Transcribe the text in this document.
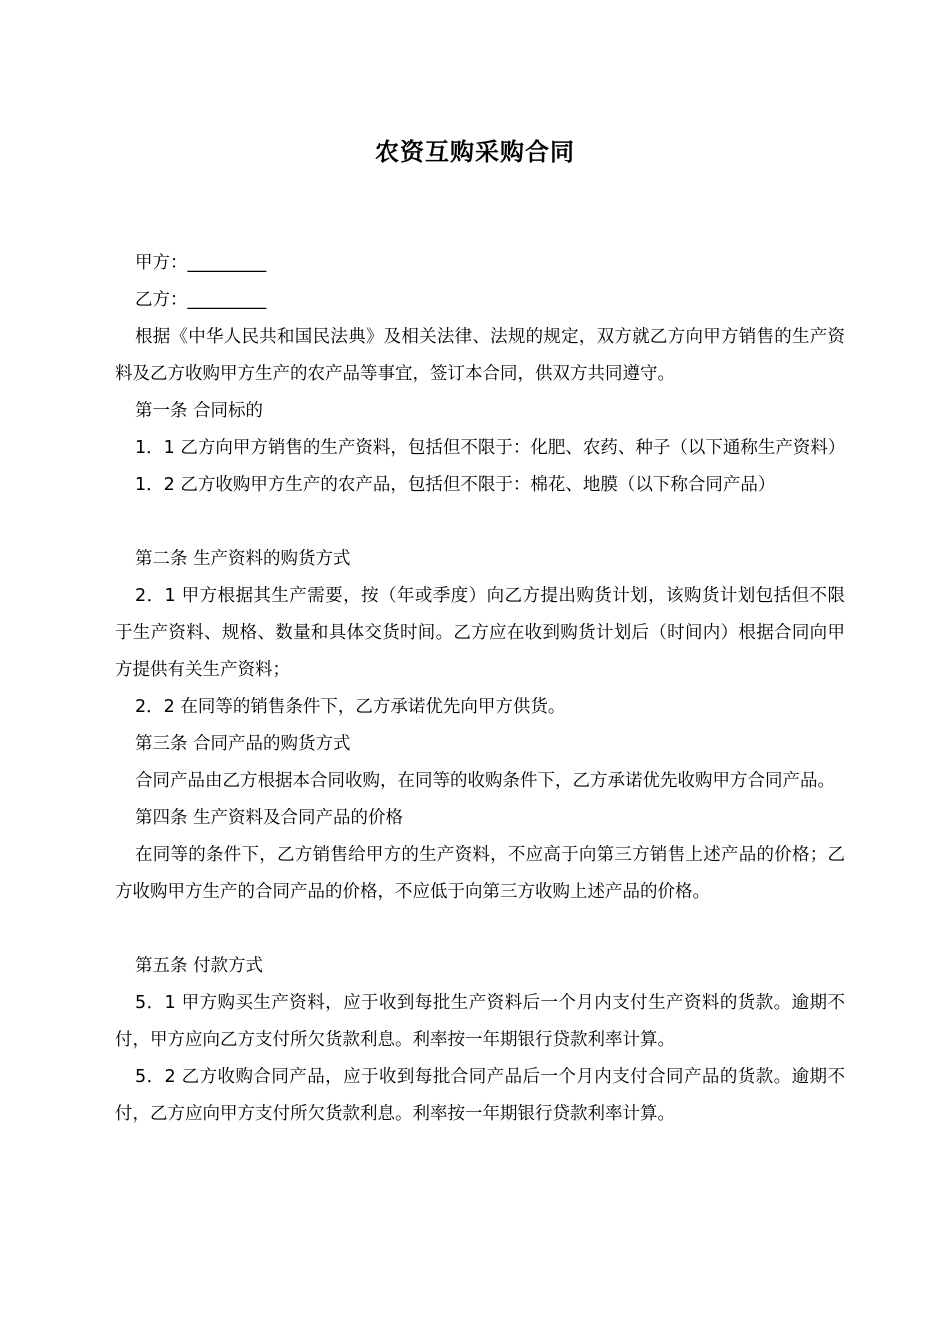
农资互购采购合同

甲方：_________

乙方：_________

根据《中华人民共和国民法典》及相关法律、法规的规定，双方就乙方向甲方销售的生产资料及乙方收购甲方生产的农产品等事宜，签订本合同，供双方共同遵守。

第一条 合同标的

1．1 乙方向甲方销售的生产资料，包括但不限于：化肥、农药、种子（以下通称生产资料）

1．2 乙方收购甲方生产的农产品，包括但不限于：棉花、地膜（以下称合同产品）

第二条 生产资料的购货方式

2．1 甲方根据其生产需要，按（年或季度）向乙方提出购货计划，该购货计划包括但不限于生产资料、规格、数量和具体交货时间。乙方应在收到购货计划后（时间内）根据合同向甲方提供有关生产资料；

2．2 在同等的销售条件下，乙方承诺优先向甲方供货。

第三条 合同产品的购货方式

合同产品由乙方根据本合同收购，在同等的收购条件下，乙方承诺优先收购甲方合同产品。

第四条 生产资料及合同产品的价格

在同等的条件下，乙方销售给甲方的生产资料，不应高于向第三方销售上述产品的价格；乙方收购甲方生产的合同产品的价格，不应低于向第三方收购上述产品的价格。

第五条 付款方式

5．1 甲方购买生产资料，应于收到每批生产资料后一个月内支付生产资料的货款。逾期不付，甲方应向乙方支付所欠货款利息。利率按一年期银行贷款利率计算。

5．2 乙方收购合同产品，应于收到每批合同产品后一个月内支付合同产品的货款。逾期不付，乙方应向甲方支付所欠货款利息。利率按一年期银行贷款利率计算。
